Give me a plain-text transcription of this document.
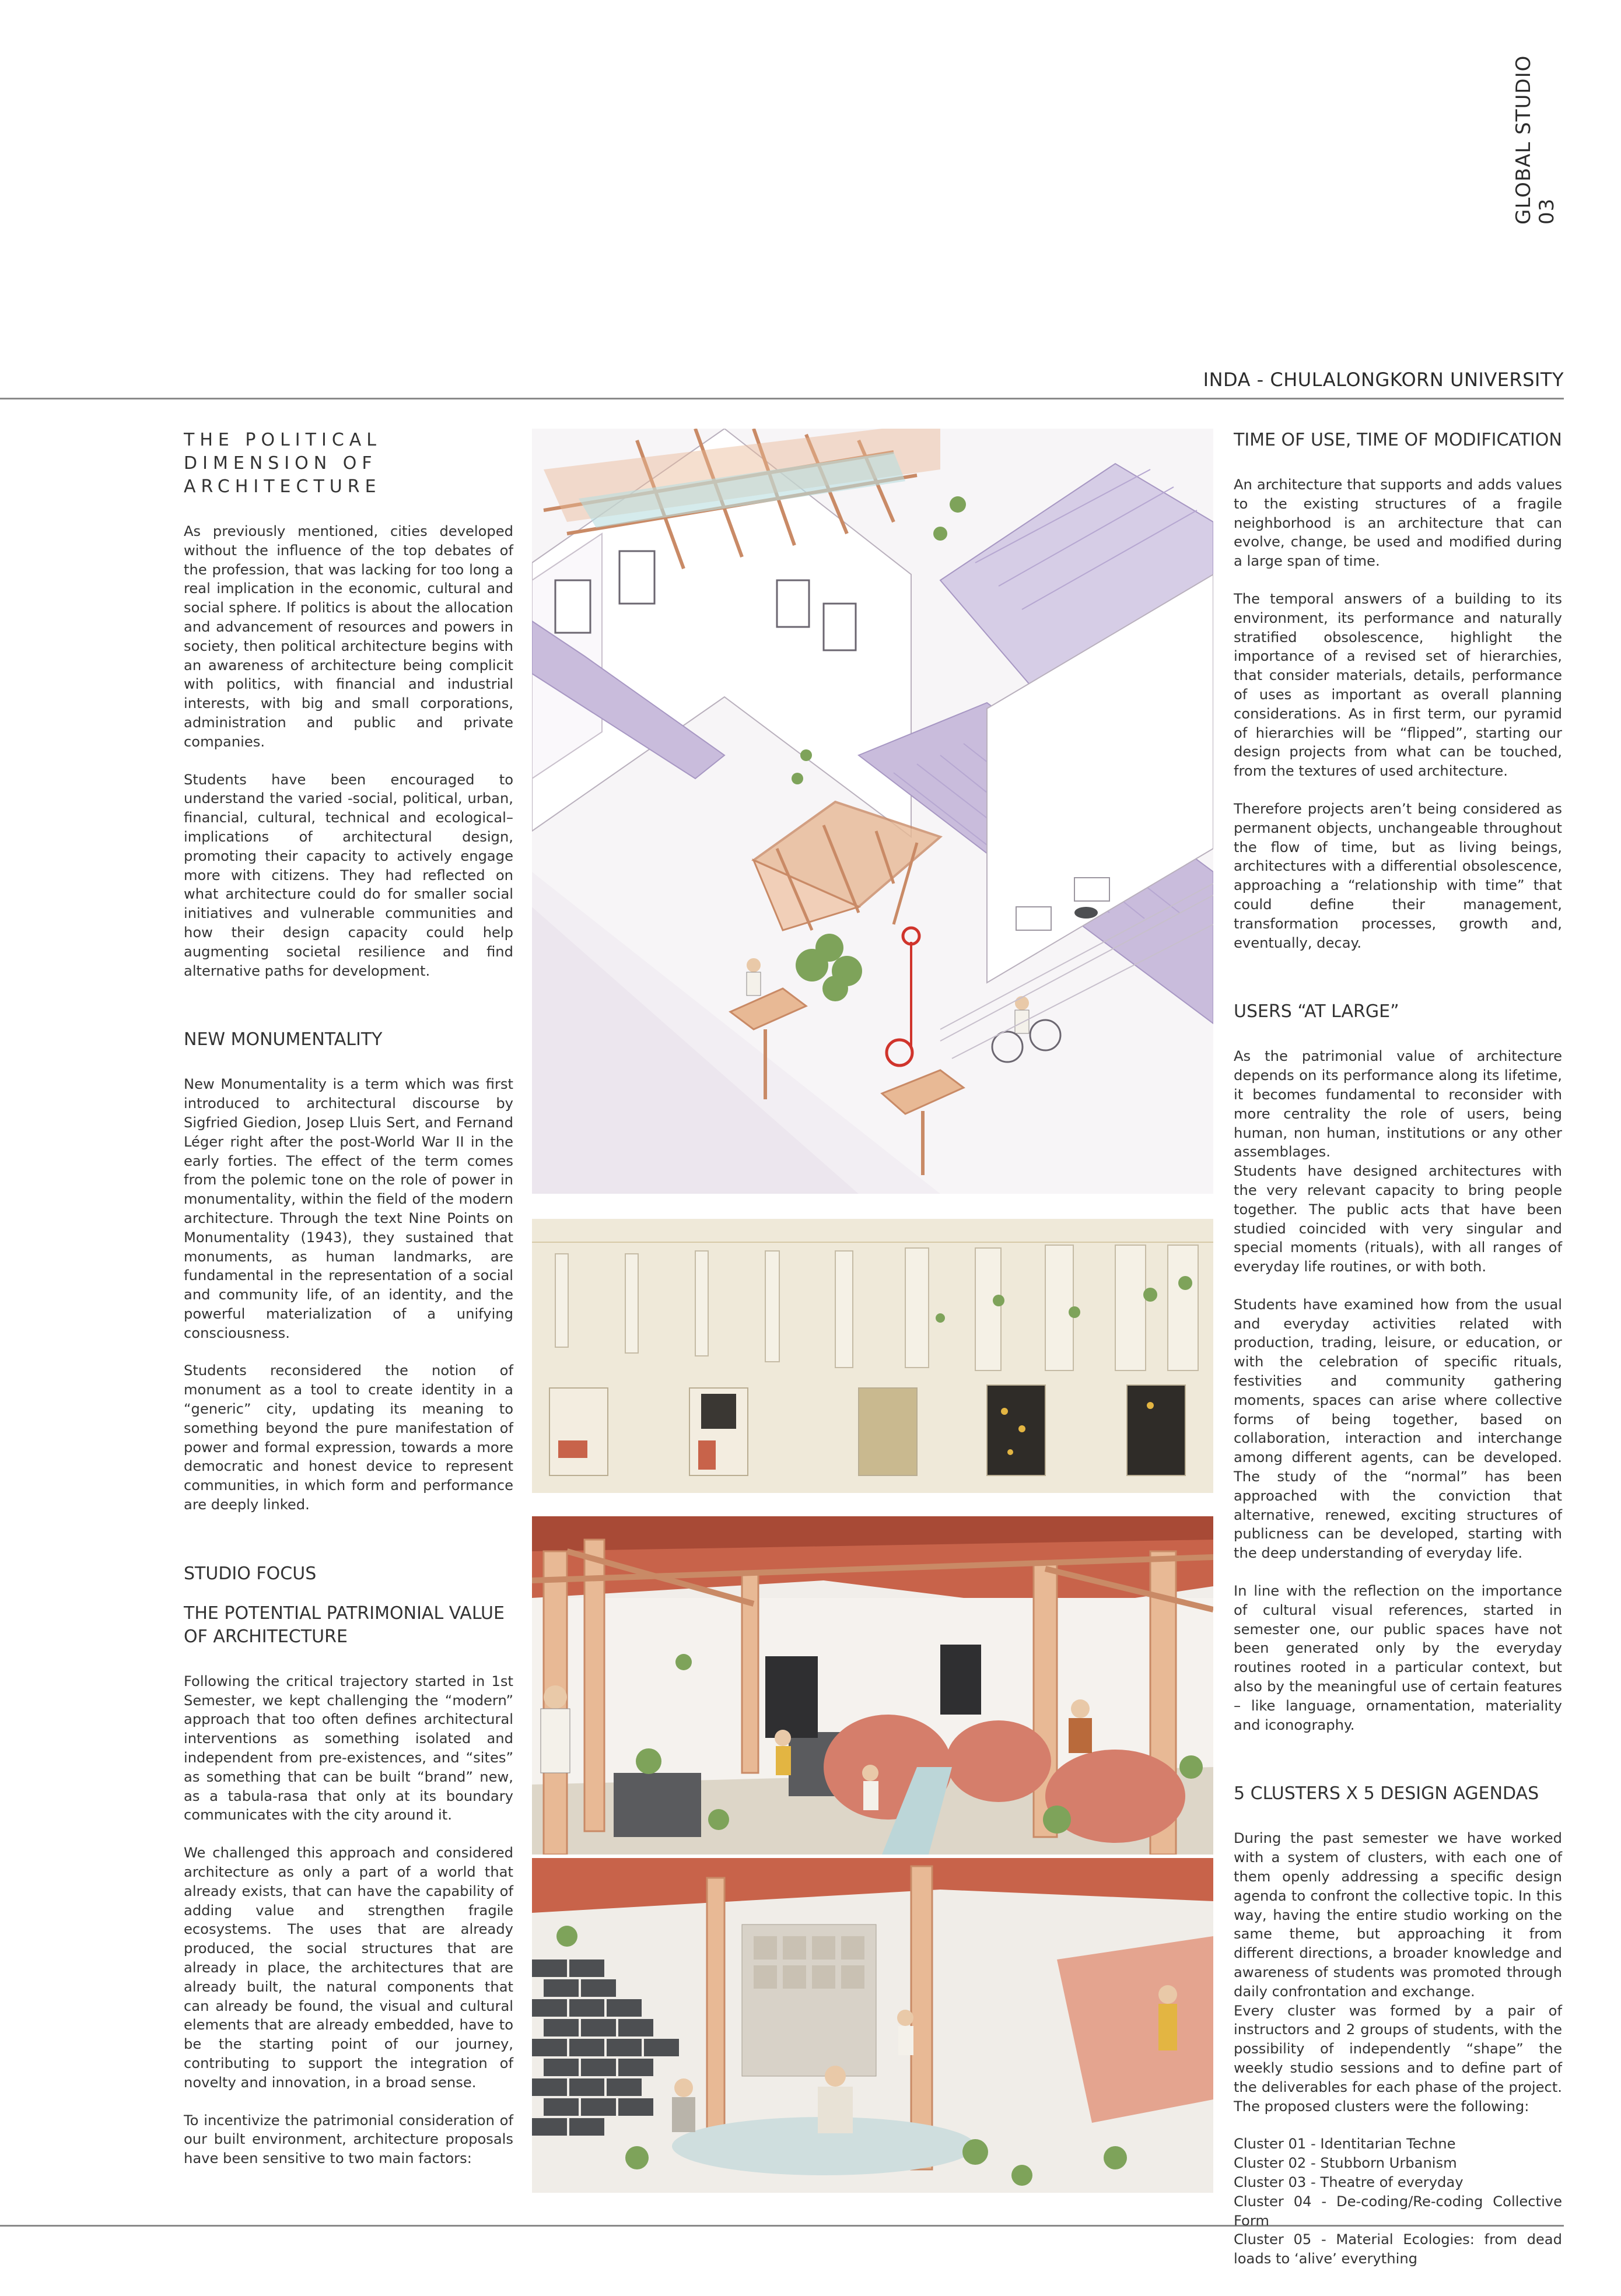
GLOBAL STUDIO 03
INDA - CHULALONGKORN UNIVERSITY
THE POLITICAL DIMENSION OF ARCHITECTURE
As previously mentioned, cities developed without the influence of the top debates of the profession, that was lacking for too long a real implication in the economic, cultural and social sphere. If politics is about the allocation and advancement of resources and powers in society, then political architecture begins with an awareness of architecture being complicit with politics, with financial and industrial interests, with big and small corporations, administration and public and private companies.
Students have been encouraged to understand the varied -social, political, urban, financial, cultural, technical and ecological– implications of architectural design, promoting their capacity to actively engage more with citizens. They had reflected on what architecture could do for smaller social initiatives and vulnerable communities and how their design capacity could help augmenting societal resilience and find alternative paths for development.
NEW MONUMENTALITY
New Monumentality is a term which was first introduced to architectural discourse by Sigfried Giedion, Josep Lluis Sert, and Fernand Léger right after the post-World War II in the early forties. The effect of the term comes from the polemic tone on the role of power in monumentality, within the field of the modern architecture. Through the text Nine Points on Monumentality (1943), they sustained that monuments, as human landmarks, are fundamental in the representation of a social and community life, of an identity, and the powerful materialization of a unifying consciousness.
Students reconsidered the notion of monument as a tool to create identity in a “generic” city, updating its meaning to something beyond the pure manifestation of power and formal expression, towards a more democratic and honest device to represent communities, in which form and performance are deeply linked.
STUDIO FOCUS
THE POTENTIAL PATRIMONIAL VALUE OF ARCHITECTURE
Following the critical trajectory started in 1st Semester, we kept challenging the “modern” approach that too often defines architectural interventions as something isolated and independent from pre-existences, and “sites” as something that can be built “brand” new, as a tabula-rasa that only at its boundary communicates with the city around it.
We challenged this approach and considered architecture as only a part of a world that already exists, that can have the capability of adding value and strengthen fragile ecosystems. The uses that are already produced, the social structures that are already in place, the architectures that are already built, the natural components that can already be found, the visual and cultural elements that are already embedded, have to be the starting point of our journey, contributing to support the integration of novelty and innovation, in a broad sense.
To incentivize the patrimonial consideration of our built environment, architecture proposals have been sensitive to two main factors:
TIME OF USE, TIME OF MODIFICATION
An architecture that supports and adds values to the existing structures of a fragile neighborhood is an architecture that can evolve, change, be used and modified during a large span of time.
The temporal answers of a building to its environment, its performance and naturally stratified obsolescence, highlight the importance of a revised set of hierarchies, that consider materials, details, performance of uses as important as overall planning considerations. As in first term, our pyramid of hierarchies will be “flipped”, starting our design projects from what can be touched, from the textures of used architecture.
Therefore projects aren’t being considered as permanent objects, unchangeable throughout the flow of time, but as living beings, architectures with a differential obsolescence, approaching a “relationship with time” that could define their management, transformation processes, growth and, eventually, decay.
USERS “AT LARGE”
As the patrimonial value of architecture depends on its performance along its lifetime, it becomes fundamental to reconsider with more centrality the role of users, being human, non human, institutions or any other assemblages.
Students have designed architectures with the very relevant capacity to bring people together. The public acts that have been studied coincided with very singular and special moments (rituals), with all ranges of everyday life routines, or with both.
Students have examined how from the usual and everyday activities related with production, trading, leisure, or education, or with the celebration of specific rituals, festivities and community gathering moments, spaces can arise where collective forms of being together, based on collaboration, interaction and interchange among different agents, can be developed. The study of the “normal” has been approached with the conviction that alternative, renewed, exciting structures of publicness can be developed, starting with the deep understanding of everyday life.
In line with the reflection on the importance of cultural visual references, started in semester one, our public spaces have not been generated only by the everyday routines rooted in a particular context, but also by the meaningful use of certain features – like language, ornamentation, materiality and iconography.
5 CLUSTERS X 5 DESIGN AGENDAS
During the past semester we have worked with a system of clusters, with each one of them openly addressing a specific design agenda to confront the collective topic. In this way, having the entire studio working on the same theme, but approaching it from different directions, a broader knowledge and awareness of students was promoted through daily confrontation and exchange.
Every cluster was formed by a pair of instructors and 2 groups of students, with the possibility of independently “shape” the weekly studio sessions and to define part of the deliverables for each phase of the project. The proposed clusters were the following:
Cluster 01 - Identitarian Techne
Cluster 02 - Stubborn Urbanism
Cluster 03 - Theatre of everyday
Cluster 04 - De-coding/Re-coding Collective Form
Cluster 05 - Material Ecologies: from dead loads to ‘alive’ everything
